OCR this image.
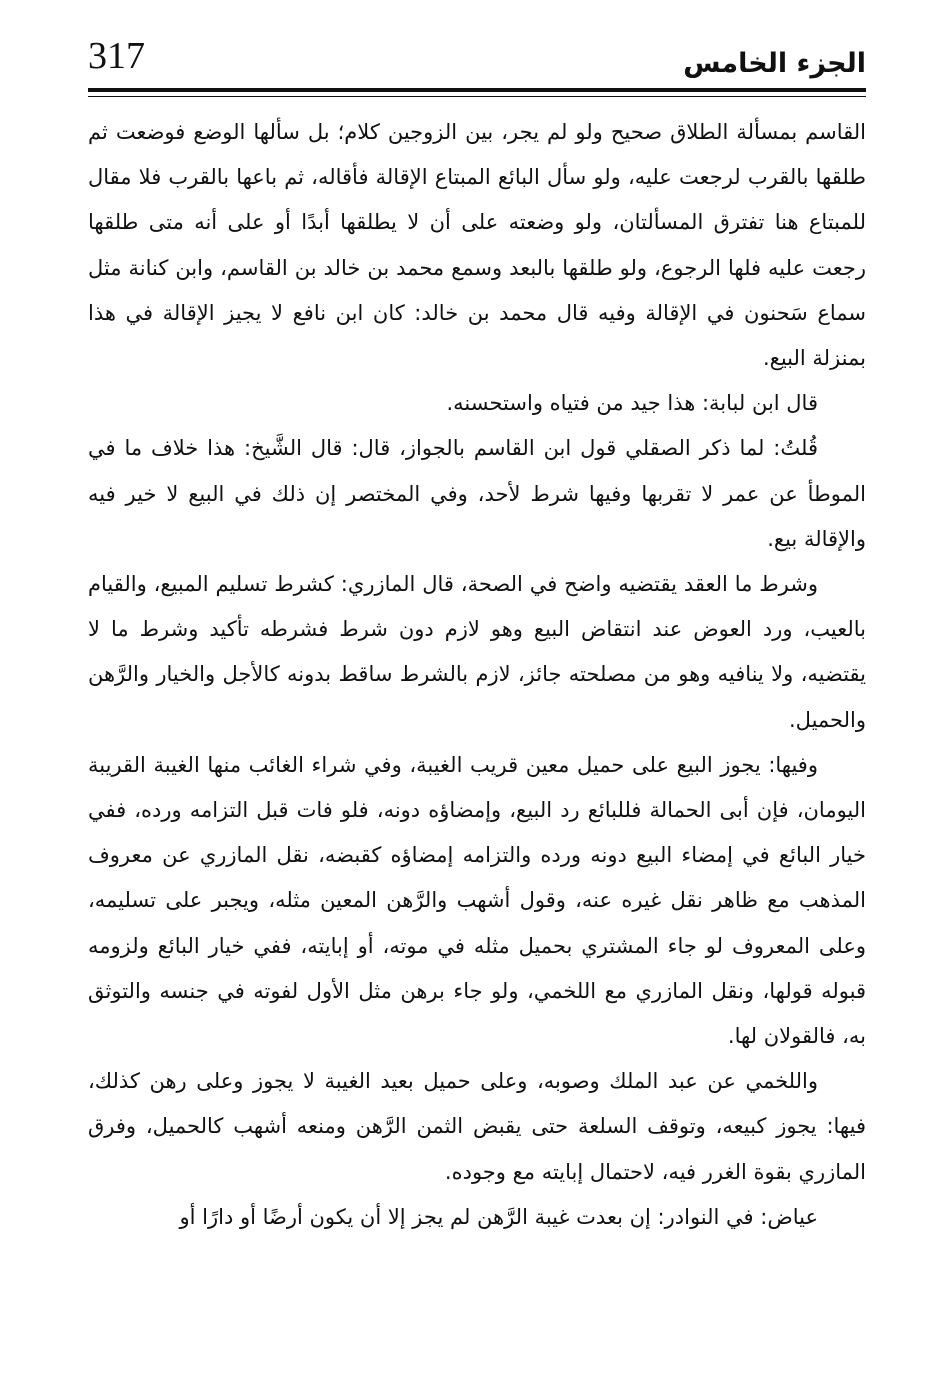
317	الجزء الخامس

القاسم بمسألة الطلاق صحيح ولو لم يجر، بين الزوجين كلام؛ بل سألها الوضع فوضعت ثم طلقها بالقرب لرجعت عليه، ولو سأل البائع المبتاع الإقالة فأقاله، ثم باعها بالقرب فلا مقال للمبتاع هنا تفترق المسألتان، ولو وضعته على أن لا يطلقها أبدًا أو على أنه متى طلقها رجعت عليه فلها الرجوع، ولو طلقها بالبعد وسمع محمد بن خالد بن القاسم، وابن كنانة مثل سماع سَحنون في الإقالة وفيه قال محمد بن خالد: كان ابن نافع لا يجيز الإقالة في هذا بمنزلة البيع.

قال ابن لبابة: هذا جيد من فتياه واستحسنه.

قُلتُ: لما ذكر الصقلي قول ابن القاسم بالجواز، قال: قال الشَّيخ: هذا خلاف ما في الموطأ عن عمر لا تقربها وفيها شرط لأحد، وفي المختصر إن ذلك في البيع لا خير فيه والإقالة بيع.

وشرط ما العقد يقتضيه واضح في الصحة، قال المازري: كشرط تسليم المبيع، والقيام بالعيب، ورد العوض عند انتقاض البيع وهو لازم دون شرط فشرطه تأكيد وشرط ما لا يقتضيه، ولا ينافيه وهو من مصلحته جائز، لازم بالشرط ساقط بدونه كالأجل والخيار والرَّهن والحميل.

وفيها: يجوز البيع على حميل معين قريب الغيبة، وفي شراء الغائب منها الغيبة القريبة اليومان، فإن أبى الحمالة فللبائع رد البيع، وإمضاؤه دونه، فلو فات قبل التزامه ورده، ففي خيار البائع في إمضاء البيع دونه ورده والتزامه إمضاؤه كقبضه، نقل المازري عن معروف المذهب مع ظاهر نقل غيره عنه، وقول أشهب والرَّهن المعين مثله، ويجبر على تسليمه، وعلى المعروف لو جاء المشتري بحميل مثله في موته، أو إبايته، ففي خيار البائع ولزومه قبوله قولها، ونقل المازري مع اللخمي، ولو جاء برهن مثل الأول لفوته في جنسه والتوثق به، فالقولان لها.

واللخمي عن عبد الملك وصوبه، وعلى حميل بعيد الغيبة لا يجوز وعلى رهن كذلك، فيها: يجوز كبيعه، وتوقف السلعة حتى يقبض الثمن الرَّهن ومنعه أشهب كالحميل، وفرق المازري بقوة الغرر فيه، لاحتمال إبايته مع وجوده.

عياض: في النوادر: إن بعدت غيبة الرَّهن لم يجز إلا أن يكون أرضًا أو دارًا أو
